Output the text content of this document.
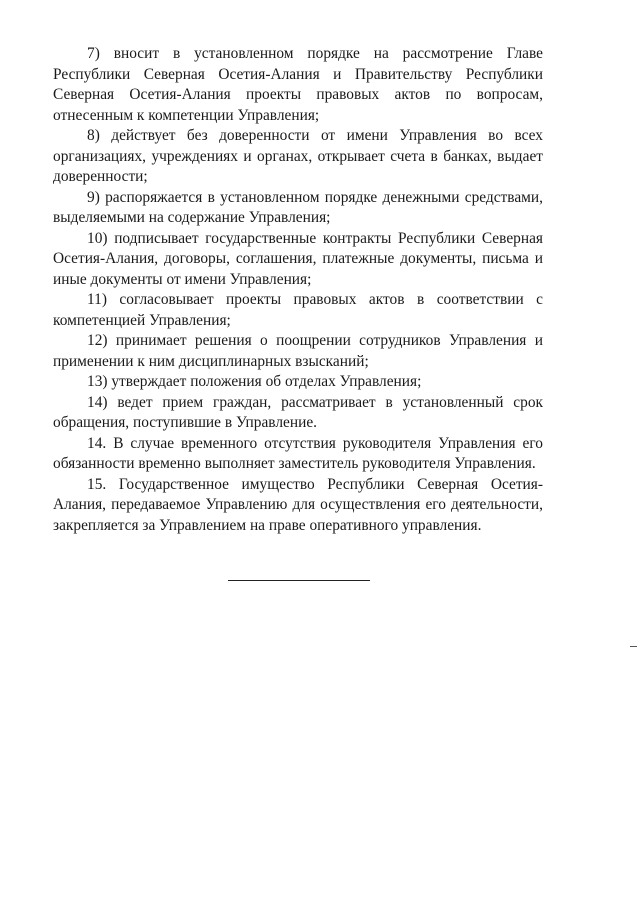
7) вносит в установленном порядке на рассмотрение Главе Республики Северная Осетия-Алания и Правительству Республики Северная Осетия-Алания проекты правовых актов по вопросам, отнесенным к компетенции Управления;

8) действует без доверенности от имени Управления во всех организациях, учреждениях и органах, открывает счета в банках, выдает доверенности;

9) распоряжается в установленном порядке денежными средствами, выделяемыми на содержание Управления;

10) подписывает государственные контракты Республики Северная Осетия-Алания, договоры, соглашения, платежные документы, письма и иные документы от имени Управления;

11) согласовывает проекты правовых актов в соответствии с компетенцией Управления;

12) принимает решения о поощрении сотрудников Управления и применении к ним дисциплинарных взысканий;

13) утверждает положения об отделах Управления;

14) ведет прием граждан, рассматривает в установленный срок обращения, поступившие в Управление.

14. В случае временного отсутствия руководителя Управления его обязанности временно выполняет заместитель руководителя Управления.

15. Государственное имущество Республики Северная Осетия-Алания, передаваемое Управлению для осуществления его деятельности, закрепляется за Управлением на праве оперативного управления.
